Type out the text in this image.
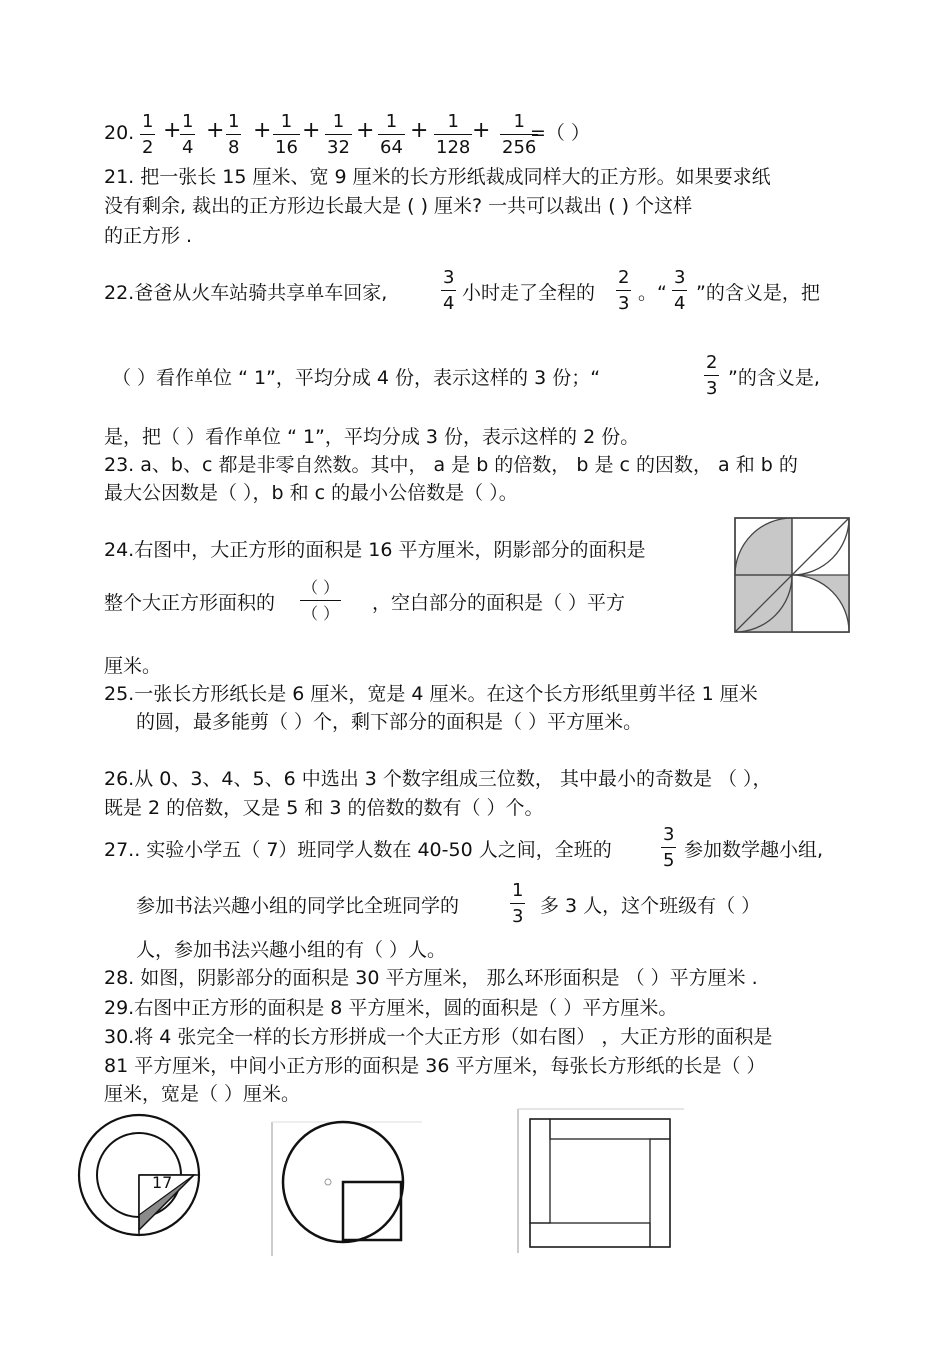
20.
1
2
+ 1
4
+ 1
8
+ 1
16
+ 1
32
+ 1
64
+ 1
128
+ 1
256
=（ ）
21. 把一张长 15 厘米、宽 9 厘米的长方形纸裁成同样大的正方形。如果要求纸
没有剩余, 裁出的正方形边长最大是 ( ) 厘米? 一共可以裁出 ( ) 个这样
的正方形 .
22.爸爸从火车站骑共享单车回家,
3
4 小时走了全程的
2
3 。“
3
4 ”的含义是，把
（ ）看作单位 “ 1”，平均分成 4 份，表示这样的 3 份；“
2
3 ”的含义是,
是，把（ ）看作单位 “ 1”，平均分成 3 份，表示这样的 2 份。
23. a、b、c 都是非零自然数。其中， a 是 b 的倍数， b 是 c 的因数， a 和 b 的
最大公因数是（ ），b 和 c 的最小公倍数是（ ）。
24.右图中，大正方形的面积是 16 平方厘米，阴影部分的面积是
整个大正方形面积的
（ ）
（ ） ，空白部分的面积是（ ）平方
厘米。
25.一张长方形纸长是 6 厘米，宽是 4 厘米。在这个长方形纸里剪半径 1 厘米
的圆，最多能剪（ ）个，剩下部分的面积是（ ）平方厘米。
26.从 0、3、4、5、6 中选出 3 个数字组成三位数， 其中最小的奇数是 （ ），
既是 2 的倍数，又是 5 和 3 的倍数的数有（ ）个。
27.. 实验小学五（ 7）班同学人数在 40-50 人之间，全班的
3
5 参加数学趣小组,
参加书法兴趣小组的同学比全班同学的
1
3 多 3 人，这个班级有（ ）
人，参加书法兴趣小组的有（ ）人。
28. 如图，阴影部分的面积是 30 平方厘米， 那么环形面积是 （ ）平方厘米 .
29.右图中正方形的面积是 8 平方厘米，圆的面积是（ ）平方厘米。
30.将 4 张完全一样的长方形拼成一个大正方形（如右图） ，大正方形的面积是
81 平方厘米，中间小正方形的面积是 36 平方厘米，每张长方形纸的长是（ ）
厘米，宽是（ ）厘米。
17
